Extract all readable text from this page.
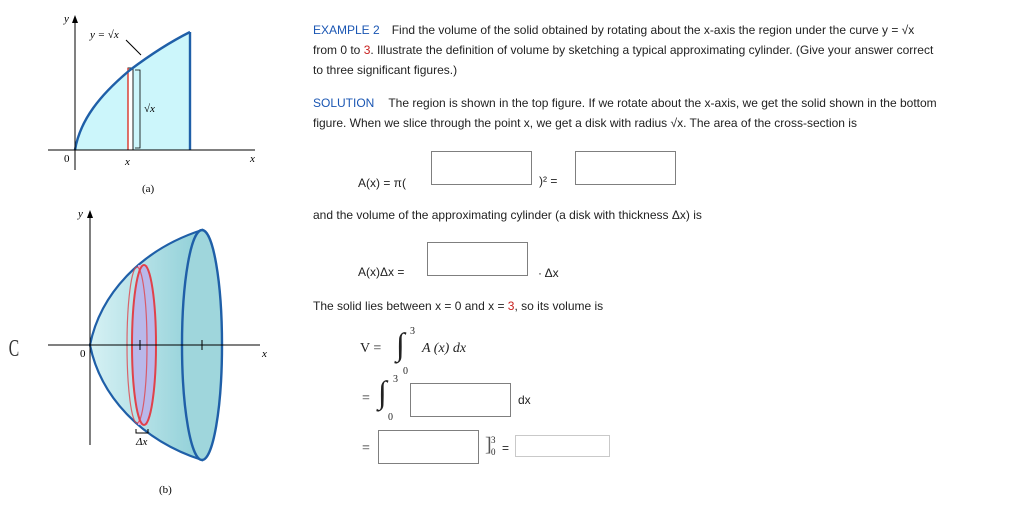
y
y = √x
√x
0	x	x
(a)
y
0	x
Δx
(b)
C
EXAMPLE 2 Find the volume of the solid obtained by rotating about the x-axis the region under the curve y = √x
from 0 to 3. Illustrate the definition of volume by sketching a typical approximating cylinder. (Give your answer correct
to three significant figures.)
SOLUTION The region is shown in the top figure. If we rotate about the x-axis, we get the solid shown in the bottom
figure. When we slice through the point x, we get a disk with radius √x. The area of the cross-section is
A(x) = π(	)² =
and the volume of the approximating cylinder (a disk with thickness Δx) is
A(x)Δx =	· Δx
The solid lies between x = 0 and x = 3, so its volume is
V = ∫ 3
0
A (x) dx
= ∫ 3
0
dx
=	] 3
0 =
